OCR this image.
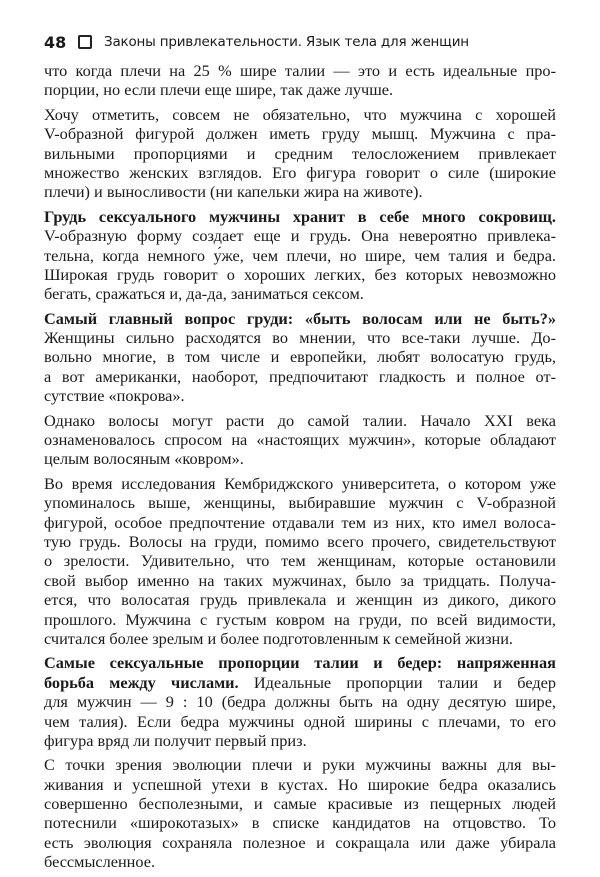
48	Законы привлекательности. Язык тела для женщин
что когда плечи на 25 % шире талии — это и есть идеальные про-
порции, но если плечи еще шире, так даже лучше.
Хочу отметить, совсем не обязательно, что мужчина с хорошей
V-образной фигурой должен иметь груду мышц. Мужчина с пра-
вильными пропорциями и средним телосложением привлекает
множество женских взглядов. Его фигура говорит о силе (широкие
плечи) и выносливости (ни капельки жира на животе).
Грудь сексуального мужчины хранит в себе много сокровищ.
V-образную форму создает еще и грудь. Она невероятно привлека-
тельна, когда немного у́же, чем плечи, но шире, чем талия и бедра.
Широкая грудь говорит о хороших легких, без которых невозможно
бегать, сражаться и, да-да, заниматься сексом.
Самый главный вопрос груди: «быть волосам или не быть?»
Женщины сильно расходятся во мнении, что все-таки лучше. До-
вольно многие, в том числе и европейки, любят волосатую грудь,
а вот американки, наоборот, предпочитают гладкость и полное от-
сутствие «покрова».
Однако волосы могут расти до самой талии. Начало XXI века
ознаменовалось спросом на «настоящих мужчин», которые обладают
целым волосяным «ковром».
Во время исследования Кембриджского университета, о котором уже
упоминалось выше, женщины, выбиравшие мужчин с V-образной
фигурой, особое предпочтение отдавали тем из них, кто имел волоса-
тую грудь. Волосы на груди, помимо всего прочего, свидетельствуют
о зрелости. Удивительно, что тем женщинам, которые остановили
свой выбор именно на таких мужчинах, было за тридцать. Получа-
ется, что волосатая грудь привлекала и женщин из дикого, дикого
прошлого. Мужчина с густым ковром на груди, по всей видимости,
считался более зрелым и более подготовленным к семейной жизни.
Самые сексуальные пропорции талии и бедер: напряженная
борьба между числами. Идеальные пропорции талии и бедер
для мужчин — 9 : 10 (бедра должны быть на одну десятую шире,
чем талия). Если бедра мужчины одной ширины с плечами, то его
фигура вряд ли получит первый приз.
С точки зрения эволюции плечи и руки мужчины важны для вы-
живания и успешной утехи в кустах. Но широкие бедра оказались
совершенно бесполезными, и самые красивые из пещерных людей
потеснили «широкотазых» в списке кандидатов на отцовство. То
есть эволюция сохраняла полезное и сокращала или даже убирала
бессмысленное.
